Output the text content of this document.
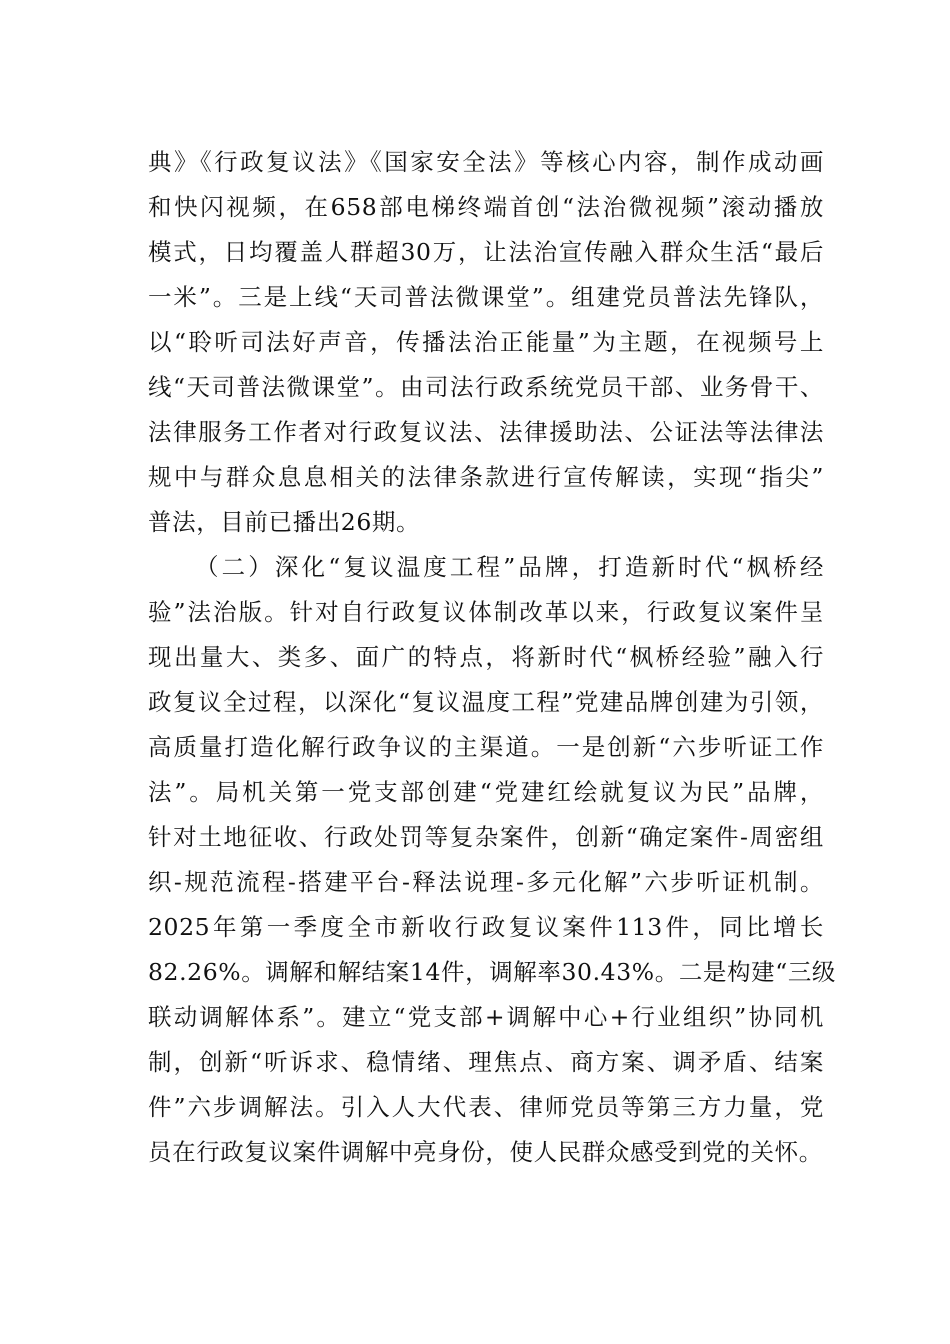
典》《行政复议法》《国家安全法》等核心内容，制作成动画
和快闪视频，在658部电梯终端首创“法治微视频”滚动播放
模式，日均覆盖人群超30万，让法治宣传融入群众生活“最后
一米”。三是上线“天司普法微课堂”。组建党员普法先锋队，
以“聆听司法好声音，传播法治正能量”为主题，在视频号上
线“天司普法微课堂”。由司法行政系统党员干部、业务骨干、
法律服务工作者对行政复议法、法律援助法、公证法等法律法
规中与群众息息相关的法律条款进行宣传解读，实现“指尖”
普法，目前已播出26期。
（二）深化“复议温度工程”品牌，打造新时代“枫桥经
验”法治版。针对自行政复议体制改革以来，行政复议案件呈
现出量大、类多、面广的特点，将新时代“枫桥经验”融入行
政复议全过程，以深化“复议温度工程”党建品牌创建为引领，
高质量打造化解行政争议的主渠道。一是创新“六步听证工作
法”。局机关第一党支部创建“党建红绘就复议为民”品牌，
针对土地征收、行政处罚等复杂案件，创新“确定案件-周密组
织-规范流程-搭建平台-释法说理-多元化解”六步听证机制。
2025年第一季度全市新收行政复议案件113件，同比增长
82.26%。调解和解结案14件，调解率30.43%。二是构建“三级
联动调解体系”。建立“党支部+调解中心+行业组织”协同机
制，创新“听诉求、稳情绪、理焦点、商方案、调矛盾、结案
件”六步调解法。引入人大代表、律师党员等第三方力量，党
员在行政复议案件调解中亮身份，使人民群众感受到党的关怀。
